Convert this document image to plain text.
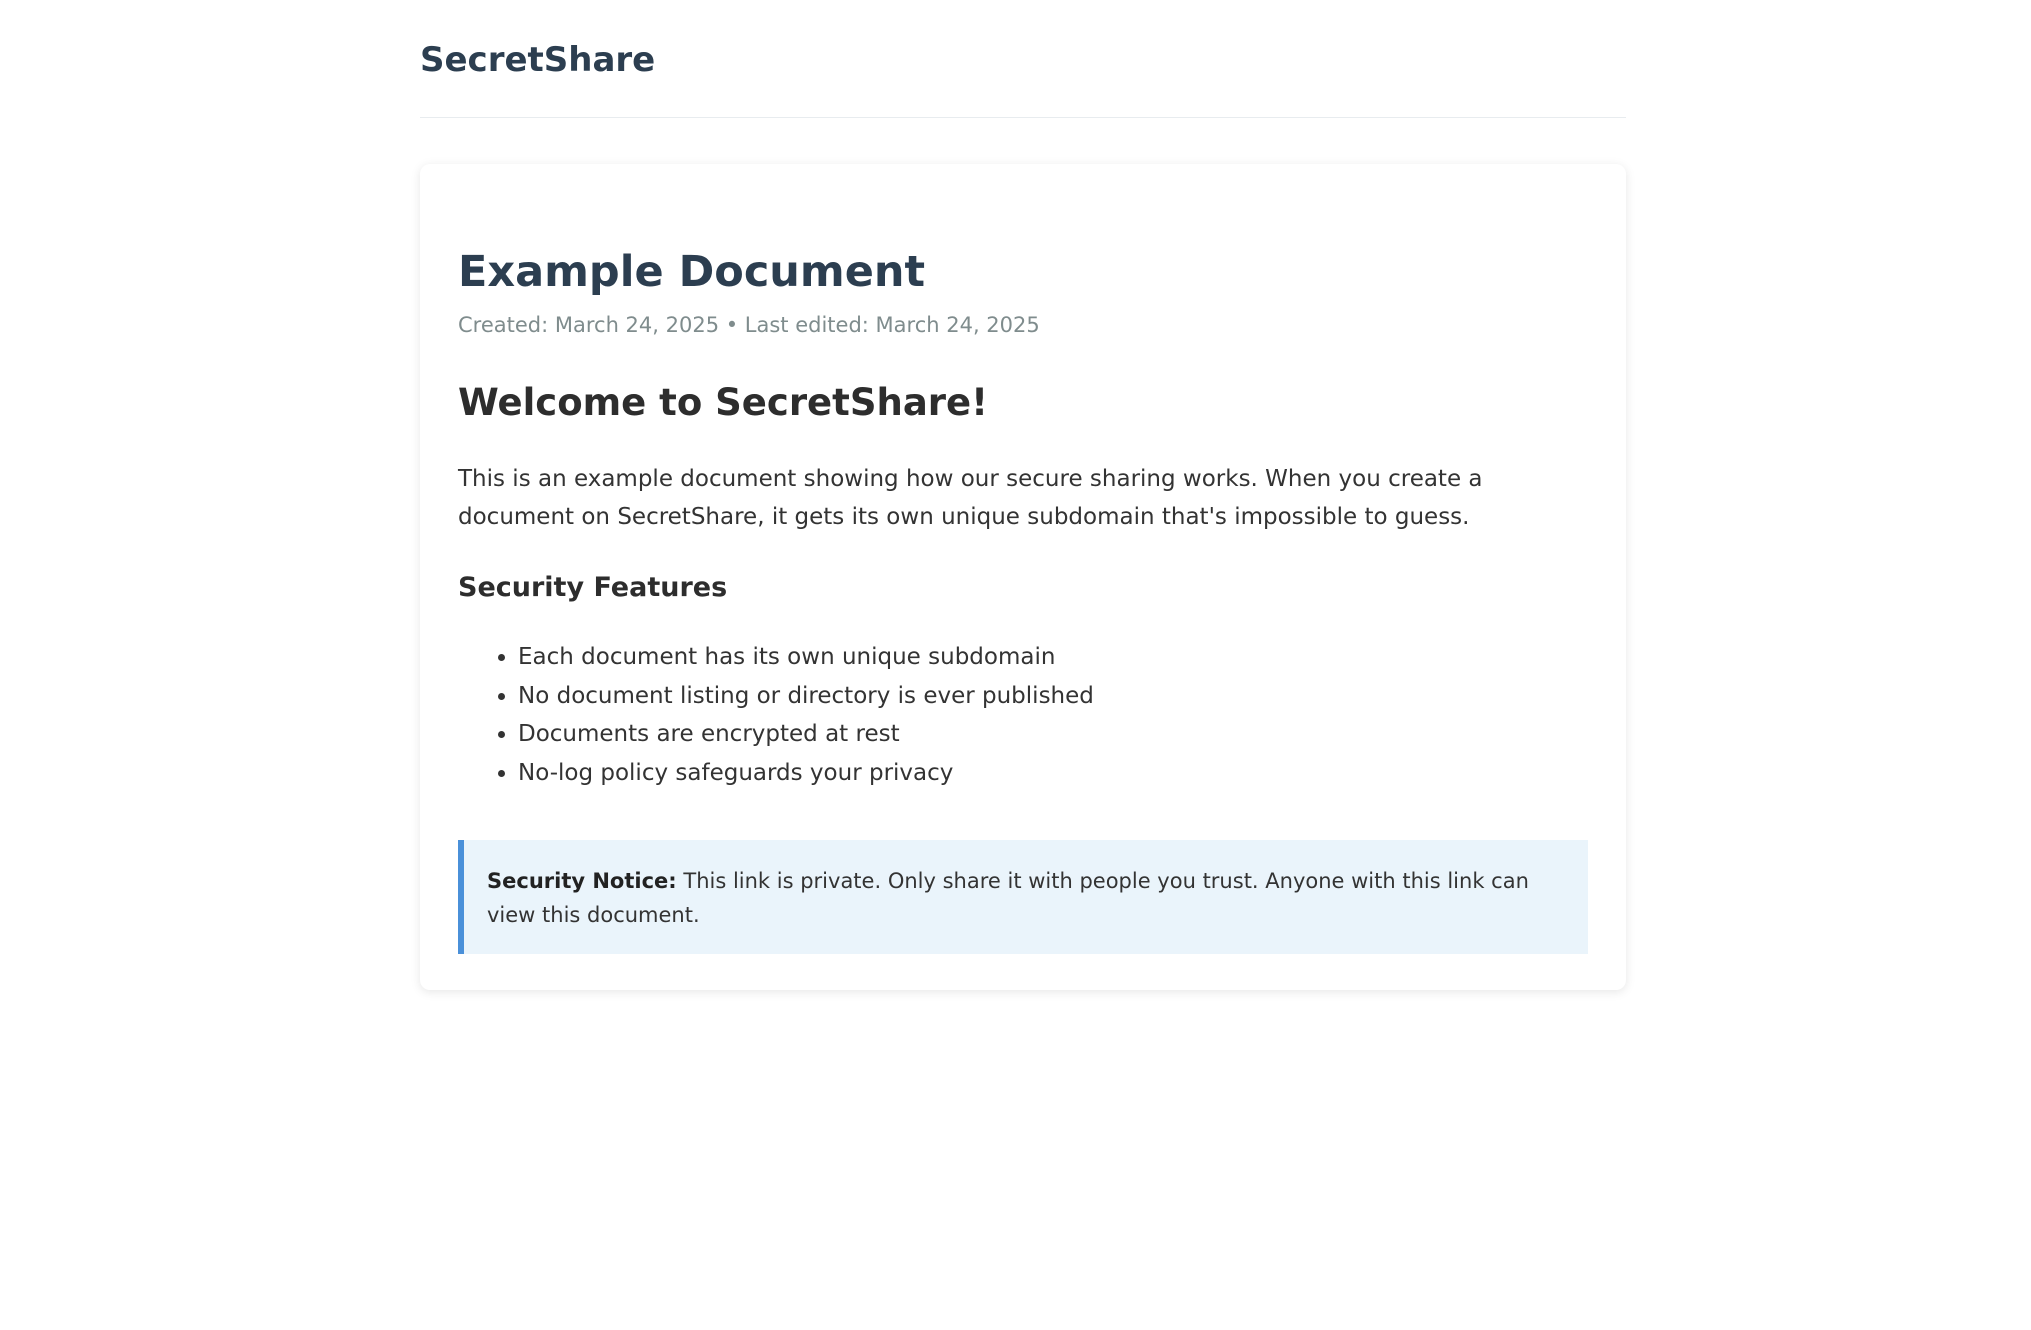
SecretShare
Example Document
Created: March 24, 2025 • Last edited: March 24, 2025
Welcome to SecretShare!

This is an example document showing how our secure sharing works. When you create a document on SecretShare, it gets its own unique subdomain that's impossible to guess.

Security Features
• Each document has its own unique subdomain
• No document listing or directory is ever published
• Documents are encrypted at rest
• No-log policy safeguards your privacy
Security Notice: This link is private. Only share it with people you trust. Anyone with this link can view this document.
